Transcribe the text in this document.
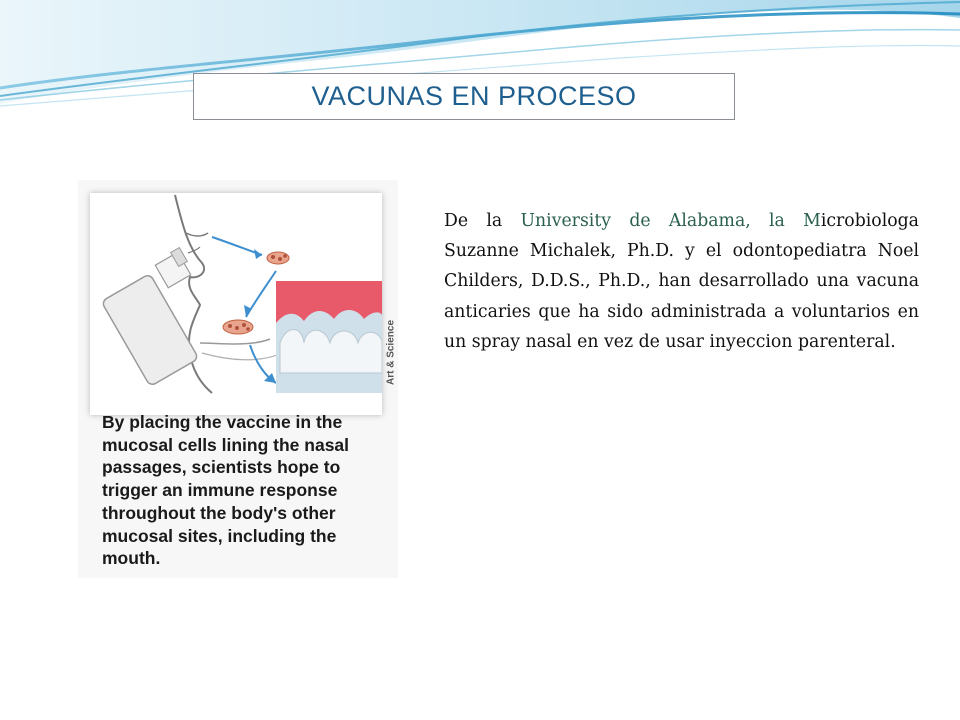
VACUNAS EN PROCESO
Art & Science
By placing the vaccine in the
mucosal cells lining the nasal
passages, scientists hope to
trigger an immune response
throughout the body's other
mucosal sites, including the
mouth.
De la University de Alabama, la Microbiologa Suzanne Michalek, Ph.D. y el odontopediatra Noel Childers, D.D.S., Ph.D., han desarrollado una vacuna anticaries que ha sido administrada a voluntarios en un spray nasal en vez de usar inyeccion parenteral.
